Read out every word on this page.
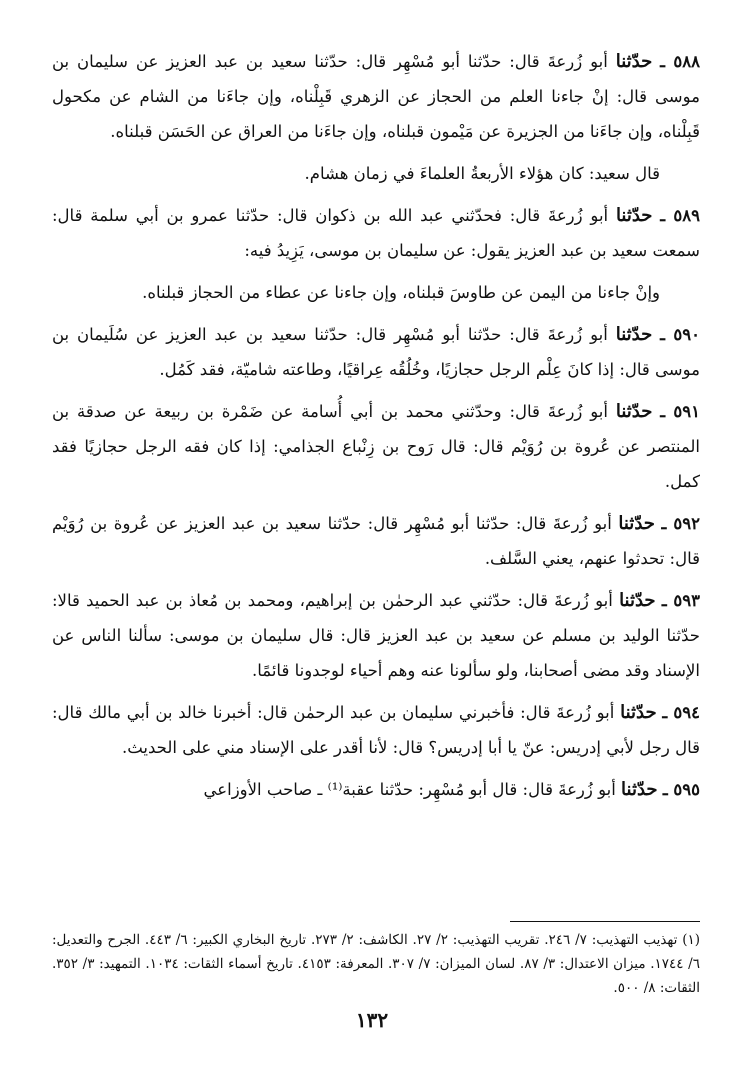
٥٨٨ ـ حدّثنا أبو زُرعةَ قال: حدّثنا أبو مُسْهِر قال: حدّثنا سعيد بن عبد العزيز عن سليمان بن موسى قال: إنْ جاءنا العلم من الحجاز عن الزهري قَبِلْناه، وإن جاءَنا من الشام عن مكحول قَبِلْناه، وإن جاءَنا من الجزيرة عن مَيْمون قبلناه، وإن جاءَنا من العراق عن الحَسَن قبلناه.

قال سعيد: كان هؤلاء الأربعةُ العلماءَ في زمان هشام.

٥٨٩ ـ حدّثنا أبو زُرعةَ قال: فحدّثني عبد الله بن ذكوان قال: حدّثنا عمرو بن أبي سلمة قال: سمعت سعيد بن عبد العزيز يقول: عن سليمان بن موسى، يَزِيدُ فيه:

وإنْ جاءنا من اليمن عن طاوسَ قبلناه، وإن جاءنا عن عطاء من الحجاز قبلناه.

٥٩٠ ـ حدّثنا أبو زُرعةَ قال: حدّثنا أبو مُسْهِر قال: حدّثنا سعيد بن عبد العزيز عن سُلَيمان بن موسى قال: إذا كانَ عِلْم الرجل حجازيًا، وخُلُقُه عِراقيًا، وطاعته شاميّة، فقد كَمُل.

٥٩١ ـ حدّثنا أبو زُرعةَ قال: وحدّثني محمد بن أبي أُسامة عن ضَمْرة بن ربيعة عن صدقة بن المنتصر عن عُروة بن رُوَيْم قال: قال رَوح بن زِنْباع الجذامي: إذا كان فقه الرجل حجازيًا فقد كمل.

٥٩٢ ـ حدّثنا أبو زُرعةَ قال: حدّثنا أبو مُسْهِر قال: حدّثنا سعيد بن عبد العزيز عن عُروة بن رُوَيْم قال: تحدثوا عنهم، يعني السَّلف.

٥٩٣ ـ حدّثنا أبو زُرعةَ قال: حدّثني عبد الرحمٰن بن إبراهيم، ومحمد بن مُعاذ بن عبد الحميد قالا: حدّثنا الوليد بن مسلم عن سعيد بن عبد العزيز قال: قال سليمان بن موسى: سألنا الناس عن الإسناد وقد مضى أصحابنا، ولو سألونا عنه وهم أحياء لوجدونا قائمًا.

٥٩٤ ـ حدّثنا أبو زُرعةَ قال: فأخبرني سليمان بن عبد الرحمٰن قال: أخبرنا خالد بن أبي مالك قال: قال رجل لأبي إدريس: عنّ يا أبا إدريس؟ قال: لأنا أقدر على الإسناد مني على الحديث.

٥٩٥ ـ حدّثنا أبو زُرعةَ قال: قال أبو مُسْهِر: حدّثنا عقبة⁽¹⁾ ـ صاحب الأوزاعي

(١) تهذيب التهذيب: ٧/ ٢٤٦. تقريب التهذيب: ٢/ ٢٧. الكاشف: ٢/ ٢٧٣. تاريخ البخاري الكبير: ٦/ ٤٤٣. الجرح والتعديل: ٦/ ١٧٤٤. ميزان الاعتدال: ٣/ ٨٧. لسان الميزان: ٧/ ٣٠٧. المعرفة: ٤١٥٣. تاريخ أسماء الثقات: ١٠٣٤. التمهيد: ٣/ ٣٥٢. الثقات: ٨/ ٥٠٠.
١٣٢
